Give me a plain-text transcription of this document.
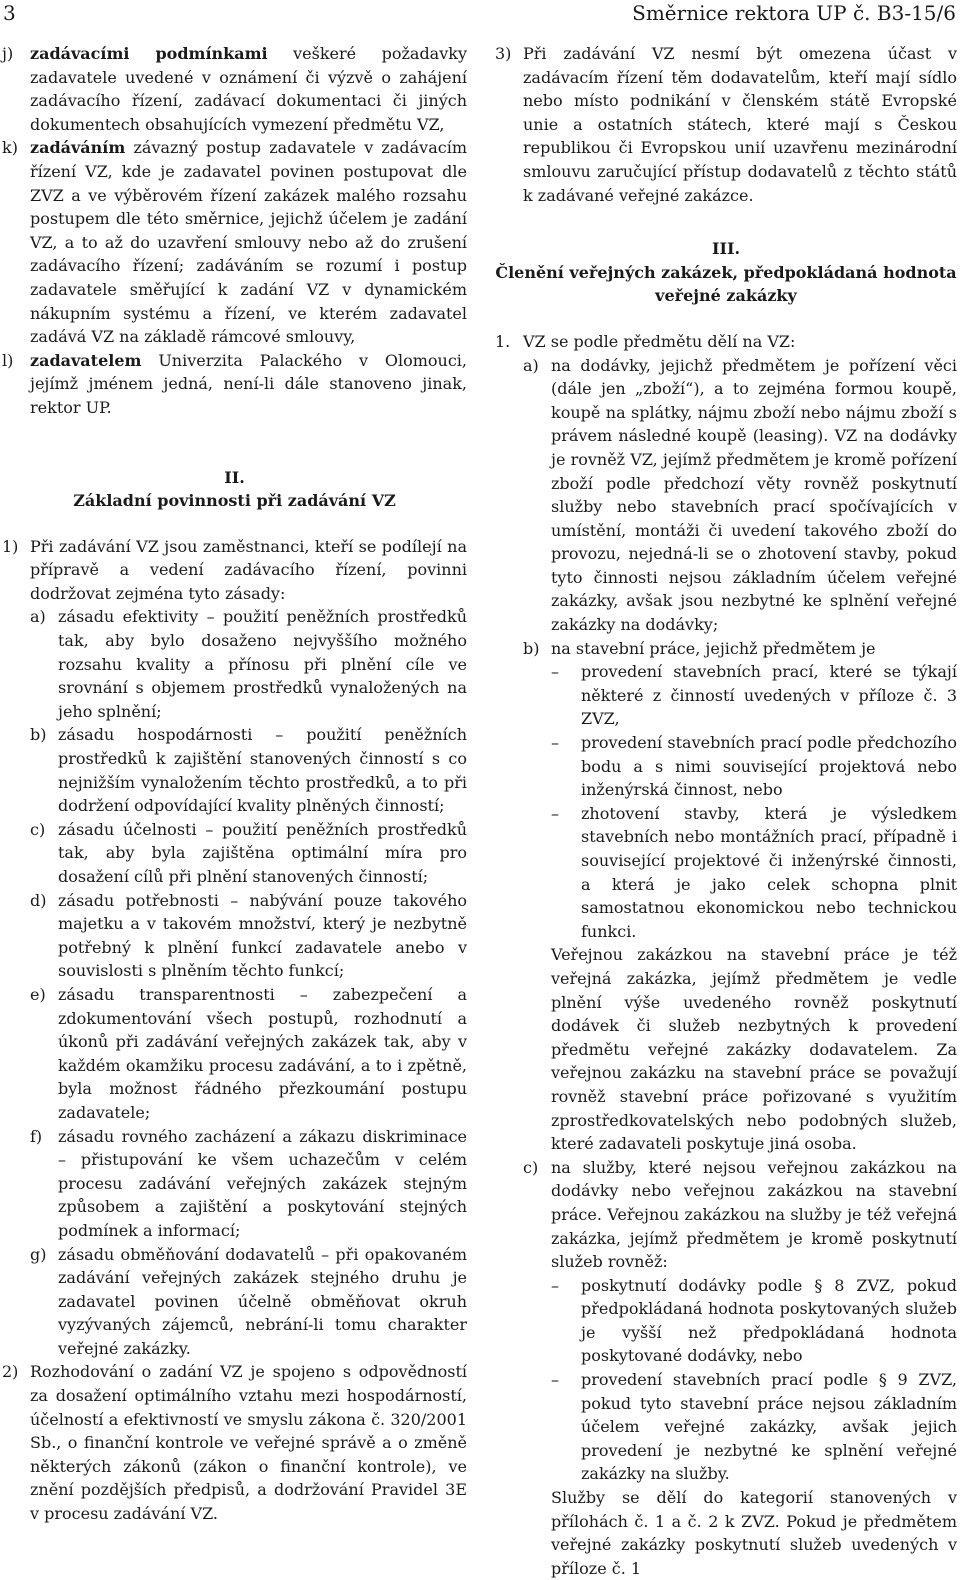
3	Směrnice rektora UP č. B3-15/6
j) zadávacími podmínkami veškeré požadavky zadavatele uvedené v oznámení či výzvě o zahájení zadávacího řízení, zadávací dokumentaci či jiných dokumentech obsahujících vymezení předmětu VZ,
k) zadáváním závazný postup zadavatele v zadávacím řízení VZ, kde je zadavatel povinen postupovat dle ZVZ a ve výběrovém řízení zakázek malého rozsahu postupem dle této směrnice, jejichž účelem je zadání VZ, a to až do uzavření smlouvy nebo až do zrušení zadávacího řízení; zadáváním se rozumí i postup zadavatele směřující k zadání VZ v dynamickém nákupním systému a řízení, ve kterém zadavatel zadává VZ na základě rámcové smlouvy,
l) zadavatelem Univerzita Palackého v Olomouci, jejímž jménem jedná, není-li dále stanoveno jinak, rektor UP.
II.
Základní povinnosti při zadávání VZ
1) Při zadávání VZ jsou zaměstnanci, kteří se podílejí na přípravě a vedení zadávacího řízení, povinni dodržovat zejména tyto zásady:
a) zásadu efektivity – použití peněžních prostředků tak, aby bylo dosaženo nejvyššího možného rozsahu kvality a přínosu při plnění cíle ve srovnání s objemem prostředků vynaložených na jeho splnění;
b) zásadu hospodárnosti – použití peněžních prostředků k zajištění stanovených činností s co nejnižším vynaložením těchto prostředků, a to při dodržení odpovídající kvality plněných činností;
c) zásadu účelnosti – použití peněžních prostředků tak, aby byla zajištěna optimální míra pro dosažení cílů při plnění stanovených činností;
d) zásadu potřebnosti – nabývání pouze takového majetku a v takovém množství, který je nezbytně potřebný k plnění funkcí zadavatele anebo v souvislosti s plněním těchto funkcí;
e) zásadu transparentnosti – zabezpečení a zdokumentování všech postupů, rozhodnutí a úkonů při zadávání veřejných zakázek tak, aby v každém okamžiku procesu zadávání, a to i zpětně, byla možnost řádného přezkoumání postupu zadavatele;
f) zásadu rovného zacházení a zákazu diskriminace – přistupování ke všem uchazečům v celém procesu zadávání veřejných zakázek stejným způsobem a zajištění a poskytování stejných podmínek a informací;
g) zásadu obměňování dodavatelů – při opakovaném zadávání veřejných zakázek stejného druhu je zadavatel povinen účelně obměňovat okruh vyzývaných zájemců, nebrání-li tomu charakter veřejné zakázky.
2) Rozhodování o zadání VZ je spojeno s odpovědností za dosažení optimálního vztahu mezi hospodárností, účelností a efektivností ve smyslu zákona č. 320/2001 Sb., o finanční kontrole ve veřejné správě a o změně některých zákonů (zákon o finanční kontrole), ve znění pozdějších předpisů, a dodržování Pravidel 3E v procesu zadávání VZ.
3) Při zadávání VZ nesmí být omezena účast v zadávacím řízení těm dodavatelům, kteří mají sídlo nebo místo podnikání v členském státě Evropské unie a ostatních státech, které mají s Českou republikou či Evropskou unií uzavřenu mezinárodní smlouvu zaručující přístup dodavatelů z těchto států k zadávané veřejné zakázce.
III.
Členění veřejných zakázek, předpokládaná hodnota veřejné zakázky
1. VZ se podle předmětu dělí na VZ:
a) na dodávky, jejichž předmětem je pořízení věci (dále jen „zboží“), a to zejména formou koupě, koupě na splátky, nájmu zboží nebo nájmu zboží s právem následné koupě (leasing). VZ na dodávky je rovněž VZ, jejímž předmětem je kromě pořízení zboží podle předchozí věty rovněž poskytnutí služby nebo stavebních prací spočívajících v umístění, montáži či uvedení takového zboží do provozu, nejedná-li se o zhotovení stavby, pokud tyto činnosti nejsou základním účelem veřejné zakázky, avšak jsou nezbytné ke splnění veřejné zakázky na dodávky;
b) na stavební práce, jejichž předmětem je
– provedení stavebních prací, které se týkají některé z činností uvedených v příloze č. 3 ZVZ,
– provedení stavebních prací podle předchozího bodu a s nimi související projektová nebo inženýrská činnost, nebo
– zhotovení stavby, která je výsledkem stavebních nebo montážních prací, případně i související projektové či inženýrské činnosti, a která je jako celek schopna plnit samostatnou ekonomickou nebo technickou funkci.
Veřejnou zakázkou na stavební práce je též veřejná zakázka, jejímž předmětem je vedle plnění výše uvedeného rovněž poskytnutí dodávek či služeb nezbytných k provedení předmětu veřejné zakázky dodavatelem. Za veřejnou zakázku na stavební práce se považují rovněž stavební práce pořizované s využitím zprostředkovatelských nebo podobných služeb, které zadavateli poskytuje jiná osoba.
c) na služby, které nejsou veřejnou zakázkou na dodávky nebo veřejnou zakázkou na stavební práce. Veřejnou zakázkou na služby je též veřejná zakázka, jejímž předmětem je kromě poskytnutí služeb rovněž:
– poskytnutí dodávky podle § 8 ZVZ, pokud předpokládaná hodnota poskytovaných služeb je vyšší než předpokládaná hodnota poskytované dodávky, nebo
– provedení stavebních prací podle § 9 ZVZ, pokud tyto stavební práce nejsou základním účelem veřejné zakázky, avšak jejich provedení je nezbytné ke splnění veřejné zakázky na služby.
Služby se dělí do kategorií stanovených v přílohách č. 1 a č. 2 k ZVZ. Pokud je předmětem veřejné zakázky poskytnutí služeb uvedených v příloze č. 1
